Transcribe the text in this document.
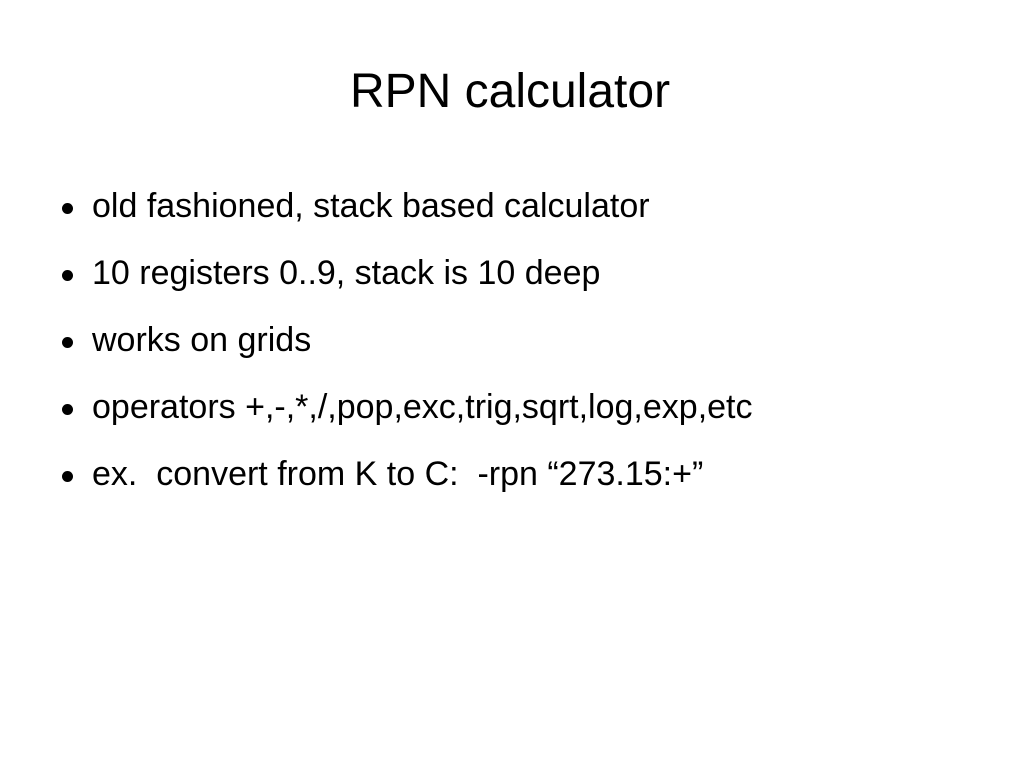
RPN calculator

old fashioned, stack based calculator

10 registers 0..9, stack is 10 deep

works on grids

operators +,-,*,/,pop,exc,trig,sqrt,log,exp,etc

ex.  convert from K to C:  -rpn “273.15:+”
